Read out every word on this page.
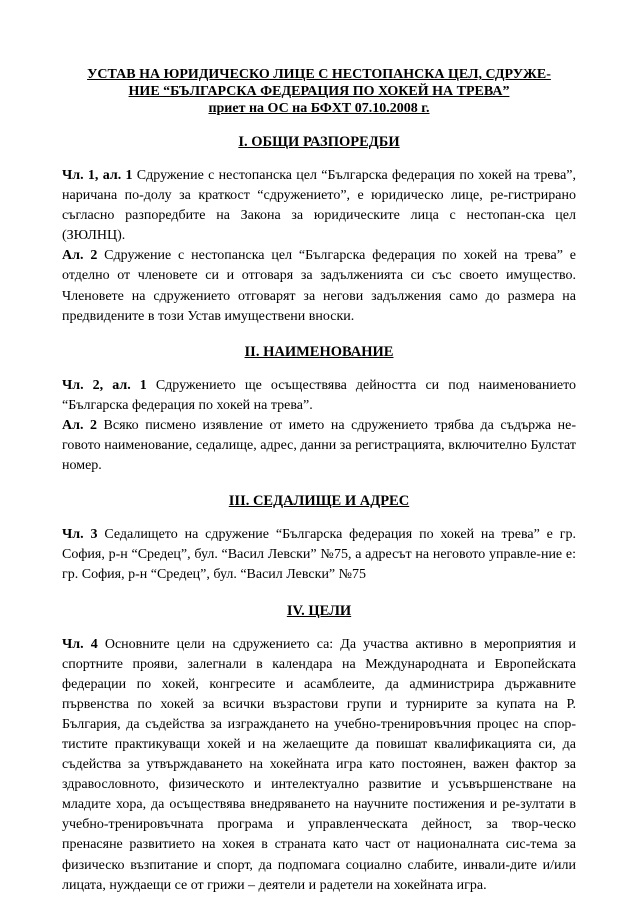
УСТАВ НА ЮРИДИЧЕСКО ЛИЦЕ С НЕСТОПАНСКА ЦЕЛ, СДРУЖЕ-
НИЕ “БЪЛГАРСКА ФЕДЕРАЦИЯ ПО ХОКЕЙ НА ТРЕВА”
приет на ОС на БФХТ 07.10.2008 г.
I. ОБЩИ РАЗПОРЕДБИ

Чл. 1, ал. 1 Сдружение с нестопанска цел “Българска федерация по хокей на трева”, наричана по-долу за краткост “сдружението”, е юридическо лице, ре-гистрирано съгласно разпоредбите на Закона за юридическите лица с нестопан-ска цел (ЗЮЛНЦ).

Ал. 2 Сдружение с нестопанска цел “Българска федерация по хокей на трева” е отделно от членовете си и отговаря за задълженията си със своето имущество. Членовете на сдружението отговарят за негови задължения само до размера на предвидените в този Устав имуществени вноски.

II. НАИМЕНОВАНИЕ

Чл. 2, ал. 1 Сдружението ще осъществява дейността си под наименованието “Българска федерация по хокей на трева”.

Ал. 2 Всяко писмено изявление от името на сдружението трябва да съдържа не-говото наименование, седалище, адрес, данни за регистрацията, включително Булстат номер.

III. СЕДАЛИЩЕ И АДРЕС

Чл. 3 Седалището на сдружение “Българска федерация по хокей на трева” е гр. София, р-н “Средец”, бул. “Васил Левски” №75, а адресът на неговото управле-ние е: гр. София, р-н “Средец”, бул. “Васил Левски” №75

IV. ЦЕЛИ

Чл. 4 Основните цели на сдружението са: Да участва активно в мероприятия и спортните прояви, залегнали в календара на Международната и Европейската федерации по хокей, конгресите и асамблеите, да администрира държавните първенства по хокей за всички възрастови групи и турнирите за купата на Р. България, да съдейства за изграждането на учебно-тренировъчния процес на спор-тистите практикуващи хокей и на желаещите да повишат квалификацията си, да съдейства за утвърждаването на хокейната игра като постоянен, важен фактор за здравословното, физическото и интелектуално развитие и усъвършенстване на младите хора, да осъществява внедряването на научните постижения и ре-зултати в учебно-тренировъчната програма и управленческата дейност, за твор-ческо пренасяне развитието на хокея в страната като част от националната сис-тема за физическо възпитание и спорт, да подпомага социално слабите, инвали-дите и/или лицата, нуждаещи се от грижи – деятели и радетели на хокейната игра.
